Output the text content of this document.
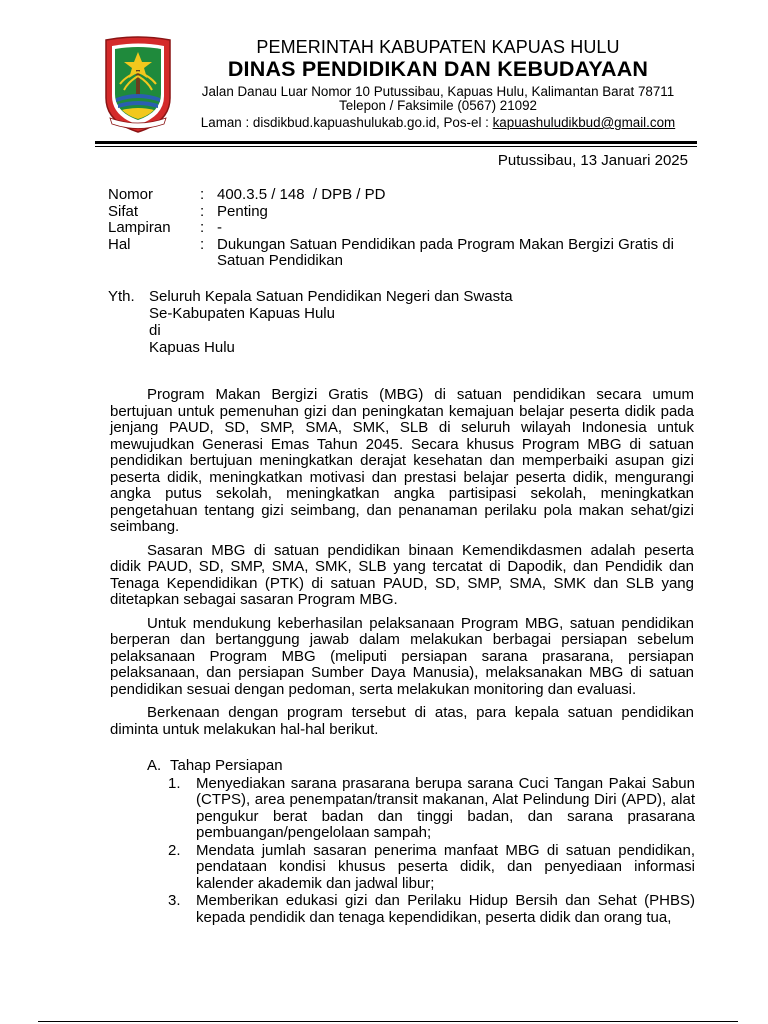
PEMERINTAH KABUPATEN KAPUAS HULU
DINAS PENDIDIKAN DAN KEBUDAYAAN
Jalan Danau Luar Nomor 10 Putussibau, Kapuas Hulu, Kalimantan Barat 78711
Telepon / Faksimile (0567) 21092
Laman : disdikbud.kapuashulukab.go.id, Pos-el : kapuashuludikbud@gmail.com
Putussibau, 13 Januari 2025
Nomor	: 400.3.5 / 148  / DPB / PD
Sifat	: Penting
Lampiran	: -
Hal	: Dukungan Satuan Pendidikan pada Program Makan Bergizi Gratis di Satuan Pendidikan
Yth. Seluruh Kepala Satuan Pendidikan Negeri dan Swasta
Se-Kabupaten Kapuas Hulu
di
Kapuas Hulu

Program Makan Bergizi Gratis (MBG) di satuan pendidikan secara umum bertujuan untuk pemenuhan gizi dan peningkatan kemajuan belajar peserta didik pada jenjang PAUD, SD, SMP, SMA, SMK, SLB di seluruh wilayah Indonesia untuk mewujudkan Generasi Emas Tahun 2045. Secara khusus Program MBG di satuan pendidikan bertujuan meningkatkan derajat kesehatan dan memperbaiki asupan gizi peserta didik, meningkatkan motivasi dan prestasi belajar peserta didik, mengurangi angka putus sekolah, meningkatkan angka partisipasi sekolah, meningkatkan pengetahuan tentang gizi seimbang, dan penanaman perilaku pola makan sehat/gizi seimbang.

Sasaran MBG di satuan pendidikan binaan Kemendikdasmen adalah peserta didik PAUD, SD, SMP, SMA, SMK, SLB yang tercatat di Dapodik, dan Pendidik dan Tenaga Kependidikan (PTK) di satuan PAUD, SD, SMP, SMA, SMK dan SLB yang ditetapkan sebagai sasaran Program MBG.

Untuk mendukung keberhasilan pelaksanaan Program MBG, satuan pendidikan berperan dan bertanggung jawab dalam melakukan berbagai persiapan sebelum pelaksanaan Program MBG (meliputi persiapan sarana prasarana, persiapan pelaksanaan, dan persiapan Sumber Daya Manusia), melaksanakan MBG di satuan pendidikan sesuai dengan pedoman, serta melakukan monitoring dan evaluasi.

Berkenaan dengan program tersebut di atas, para kepala satuan pendidikan diminta untuk melakukan hal-hal berikut.

A. Tahap Persiapan
1.	Menyediakan sarana prasarana berupa sarana Cuci Tangan Pakai Sabun (CTPS), area penempatan/transit makanan, Alat Pelindung Diri (APD), alat pengukur berat badan dan tinggi badan, dan sarana prasarana pembuangan/pengelolaan sampah;
2.	Mendata jumlah sasaran penerima manfaat MBG di satuan pendidikan, pendataan kondisi khusus peserta didik, dan penyediaan informasi kalender akademik dan jadwal libur;
3.	Memberikan edukasi gizi dan Perilaku Hidup Bersih dan Sehat (PHBS) kepada pendidik dan tenaga kependidikan, peserta didik dan orang tua,
